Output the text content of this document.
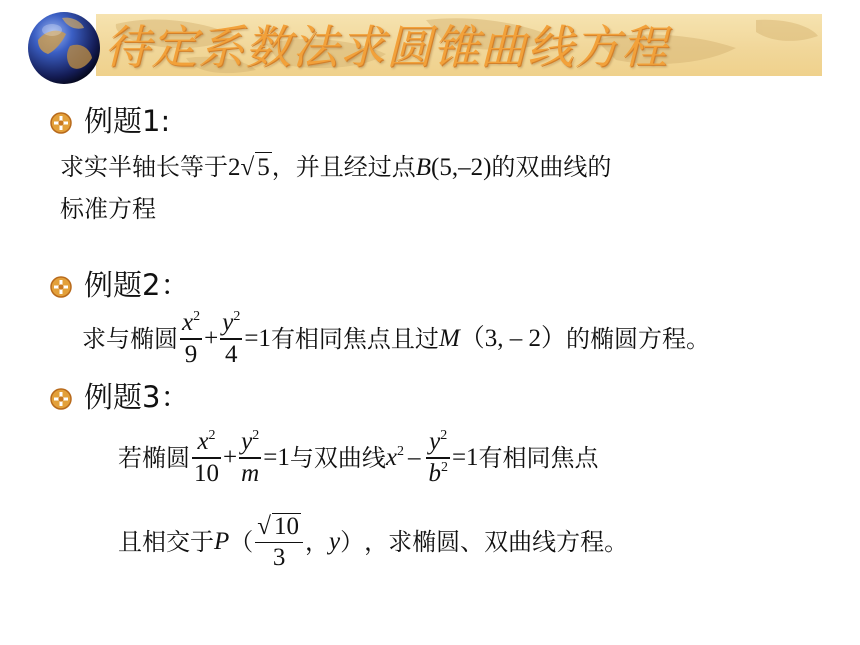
待定系数法求圆锥曲线方程
例题1:
求实半轴长等于2√ 5，并且经过点B(5,–2)的双曲线的
标准方程
例题2：
求与椭圆 $\frac{x^2}{9} + \frac{y^2}{4} =1$ 有相同焦点且过 M （3, – 2） 的椭圆方程。
例题3：
若椭圆 $\frac{x^2}{10} + \frac{y^2}{m} =1$ 与双曲线 $x^2 - \frac{y^2}{b^2} =1$ 有相同焦点
且相交于 P （ $\frac{√ 10}{3}$ ， y ） ，求椭圆、双曲线方程。
